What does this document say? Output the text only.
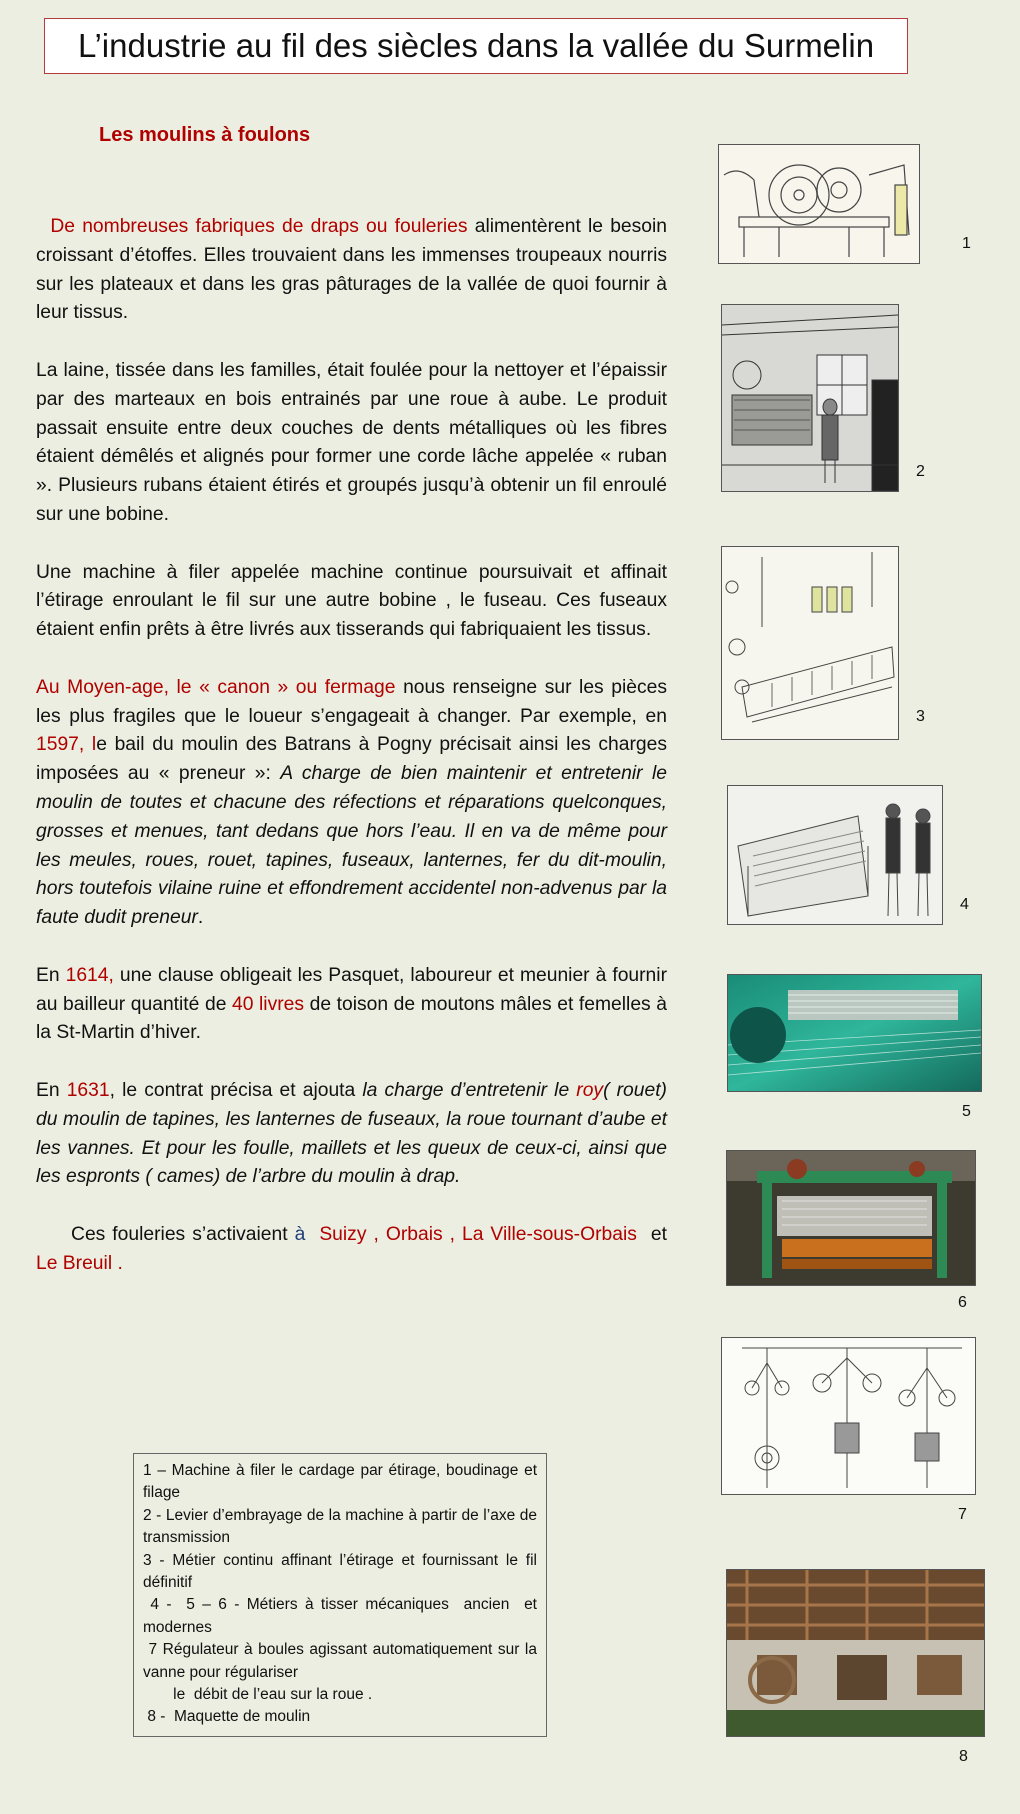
L’industrie au fil des siècles dans la vallée du Surmelin
Les moulins à foulons

De nombreuses fabriques de draps ou fouleries alimentèrent le besoin croissant d’étoffes. Elles trouvaient dans les immenses troupeaux nourris sur les plateaux et dans les gras pâturages de la vallée de quoi fournir à leur tissus.

La laine, tissée dans les familles, était foulée pour la nettoyer et l’épaissir par des marteaux en bois entrainés par une roue à aube. Le produit passait ensuite entre deux couches de dents métalliques où les fibres étaient démêlés et alignés pour former une corde lâche appelée « ruban ». Plusieurs rubans étaient étirés et groupés jusqu’à obtenir un fil enroulé sur une bobine.

Une machine à filer appelée machine continue poursuivait et affinait l’étirage enroulant le fil sur une autre bobine , le fuseau. Ces fuseaux étaient enfin prêts à être livrés aux tisserands qui fabriquaient les tissus.

Au Moyen-age, le « canon » ou fermage nous renseigne sur les pièces les plus fragiles que le loueur s’engageait à changer. Par exemple, en 1597, le bail du moulin des Batrans à Pogny précisait ainsi les charges imposées au « preneur »: A charge de bien maintenir et entretenir le moulin de toutes et chacune des réfections et réparations quelconques, grosses et menues, tant dedans que hors l’eau. Il en va de même pour les meules, roues, rouet, tapines, fuseaux, lanternes, fer du dit-moulin, hors toutefois vilaine ruine et effondrement accidentel non-advenus par la faute dudit preneur.

En 1614, une clause obligeait les Pasquet, laboureur et meunier à fournir au bailleur quantité de 40 livres de toison de moutons mâles et femelles à la St-Martin d’hiver.

En 1631, le contrat précisa et ajouta la charge d’entretenir le roy( rouet) du moulin de tapines, les lanternes de fuseaux, la roue tournant d’aube et les vannes. Et pour les foulle, maillets et les queux de ceux-ci, ainsi que les espronts ( cames) de l’arbre du moulin à drap.

Ces fouleries s’activaient à  Suizy , Orbais , La Ville-sous-Orbais  et  Le Breuil .

1 – Machine à filer le cardage par étirage, boudinage et filage
2 - Levier d’embrayage de la machine à partir de l’axe de transmission
3 - Métier continu affinant l’étirage et fournissant le fil définitif
4 -  5 – 6 - Métiers à tisser mécaniques  ancien  et modernes
7 Régulateur à boules agissant automatiquement sur la vanne pour régulariser
le  débit de l’eau sur la roue .
8 -  Maquette de moulin
1
2
3
4
5
6
7
8
